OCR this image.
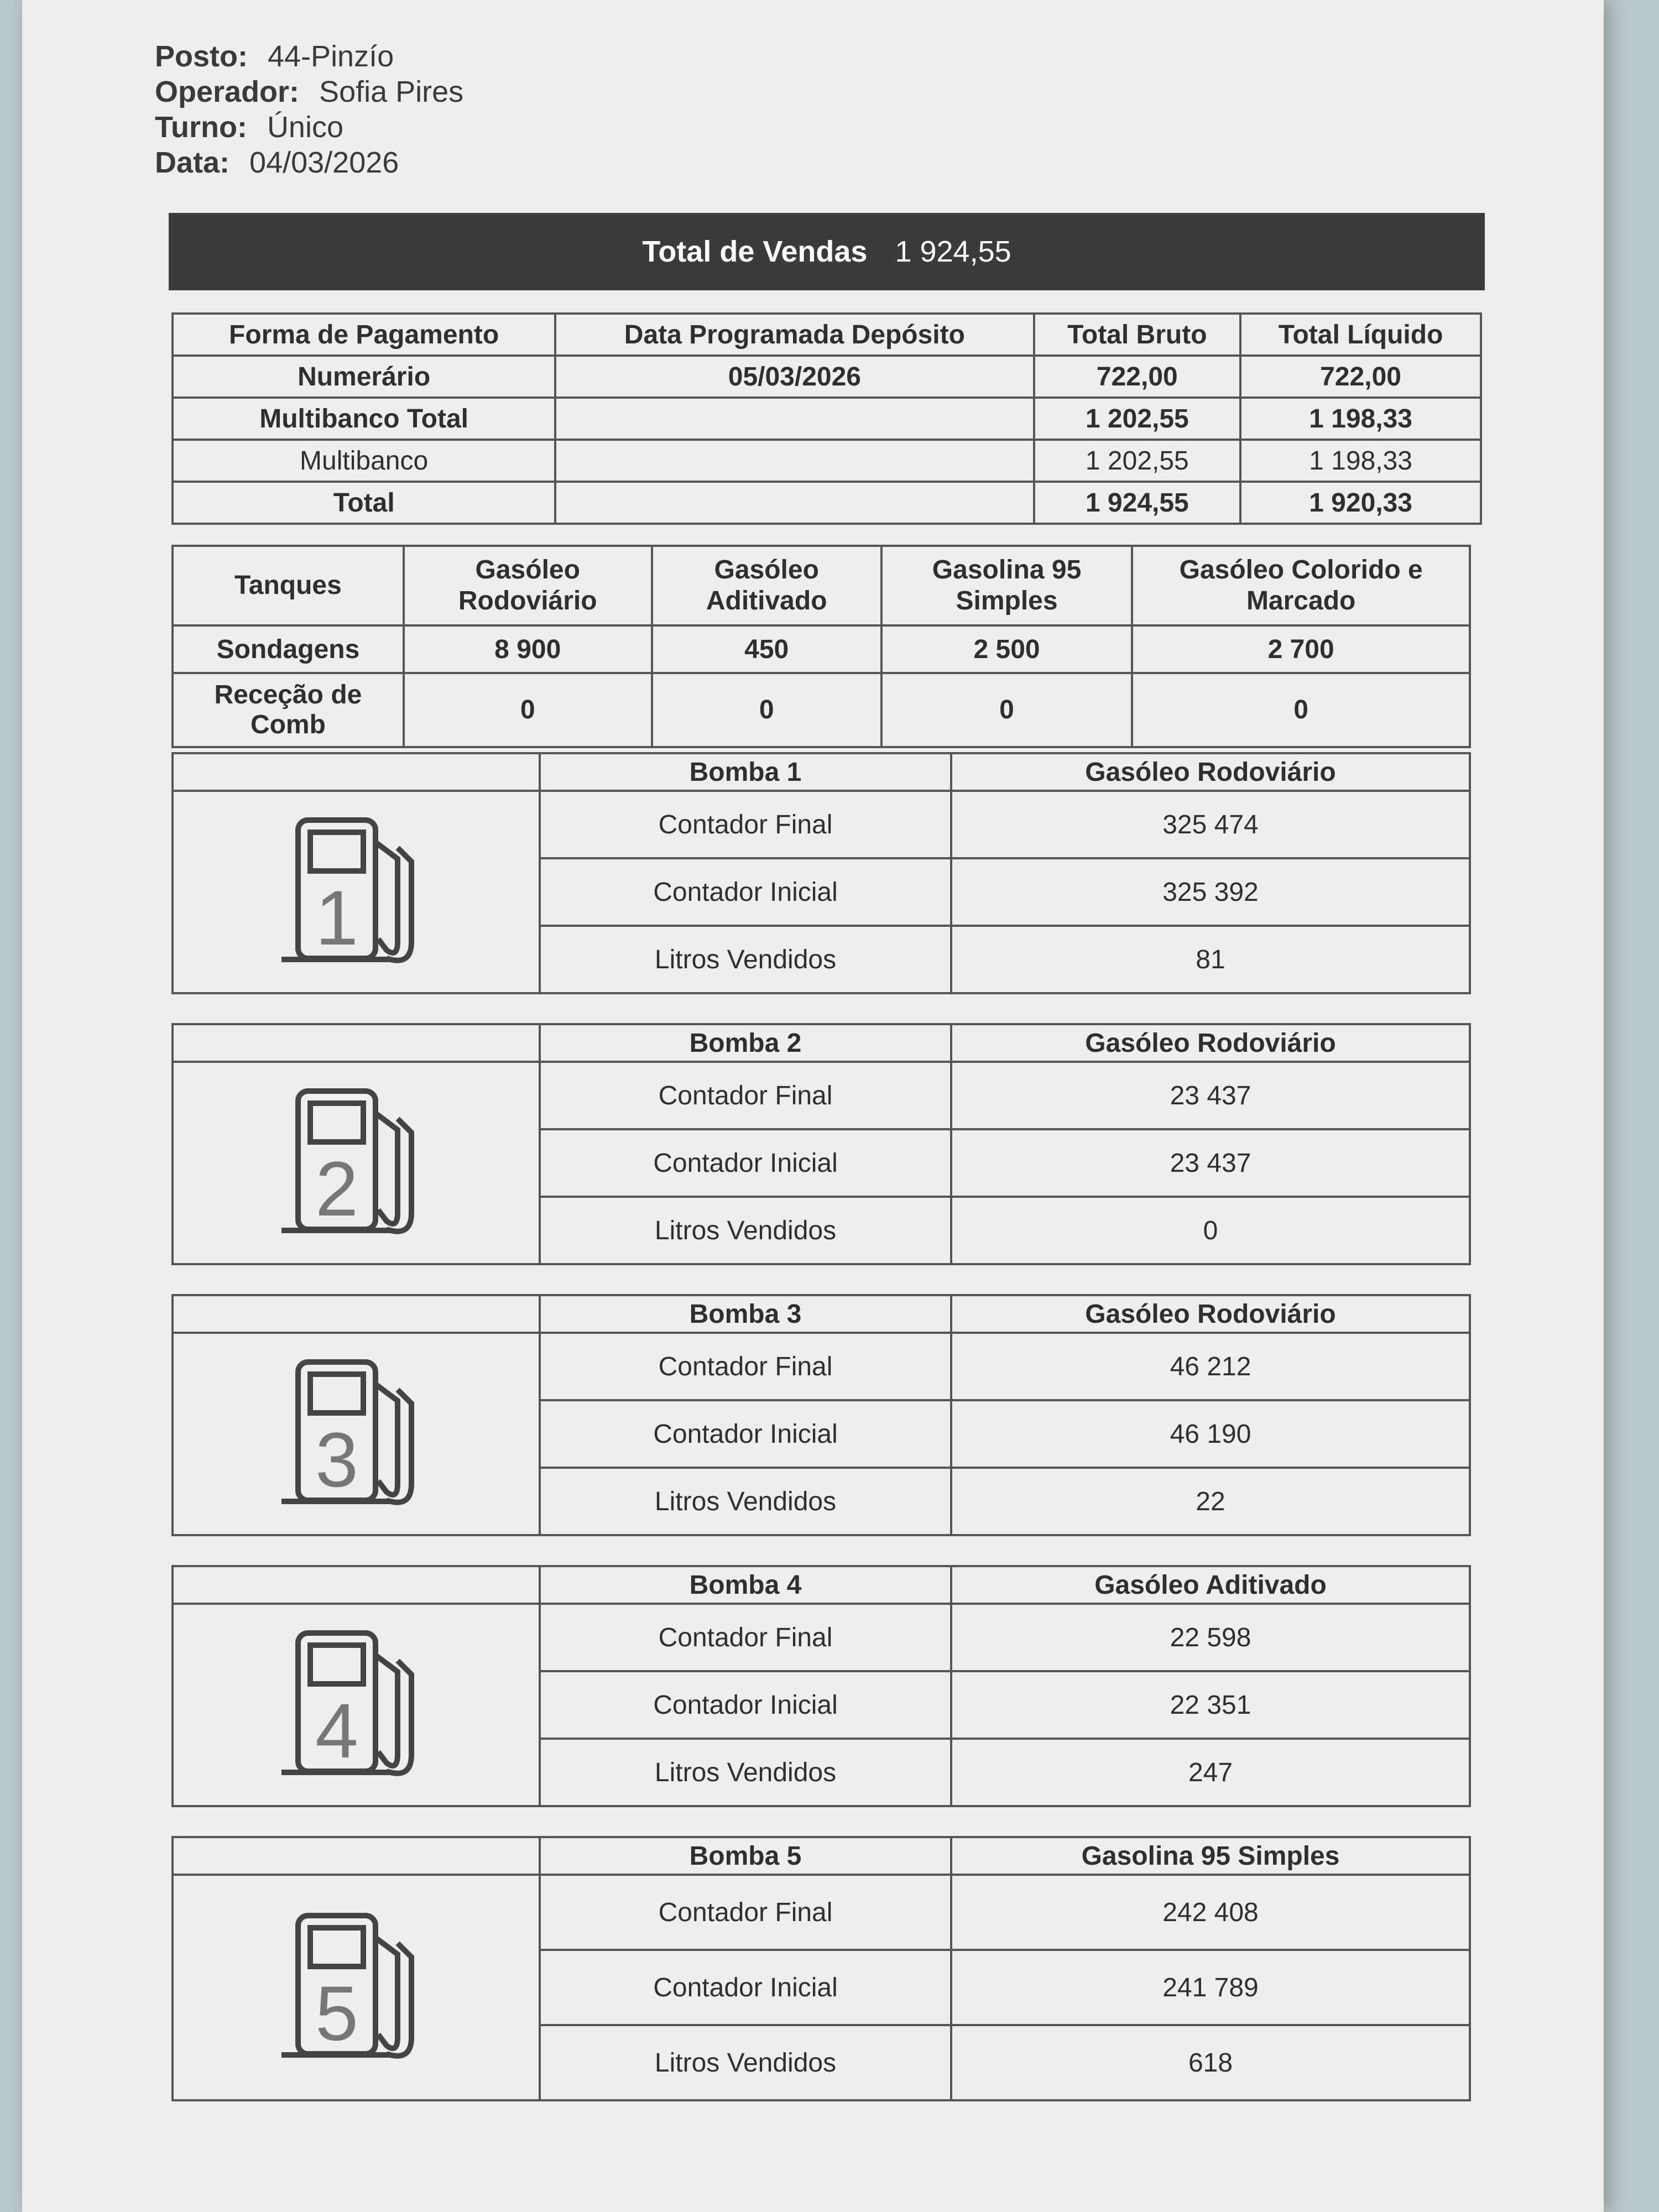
Posto: 44-Pinzío
Operador: Sofia Pires
Turno: Único
Data: 04/03/2026
Total de Vendas 1 924,55
Forma de Pagamento	Data Programada Depósito	Total Bruto	Total Líquido
Numerário	05/03/2026	722,00	722,00
Multibanco Total		1 202,55	1 198,33
Multibanco		1 202,55	1 198,33
Total		1 924,55	1 920,33
Tanques	Gasóleo Rodoviário	Gasóleo Aditivado	Gasolina 95 Simples	Gasóleo Colorido e Marcado
Sondagens	8 900	450	2 500	2 700
Receção de Comb	0	0	0	0
	Bomba 1	Gasóleo Rodoviário

1	Contador Final	325 474
	Contador Inicial	325 392
	Litros Vendidos	81
	Bomba 2	Gasóleo Rodoviário

2	Contador Final	23 437
	Contador Inicial	23 437
	Litros Vendidos	0
	Bomba 3	Gasóleo Rodoviário

3	Contador Final	46 212
	Contador Inicial	46 190
	Litros Vendidos	22
	Bomba 4	Gasóleo Aditivado

4	Contador Final	22 598
	Contador Inicial	22 351
	Litros Vendidos	247
	Bomba 5	Gasolina 95 Simples

5	Contador Final	242 408
	Contador Inicial	241 789
	Litros Vendidos	618
